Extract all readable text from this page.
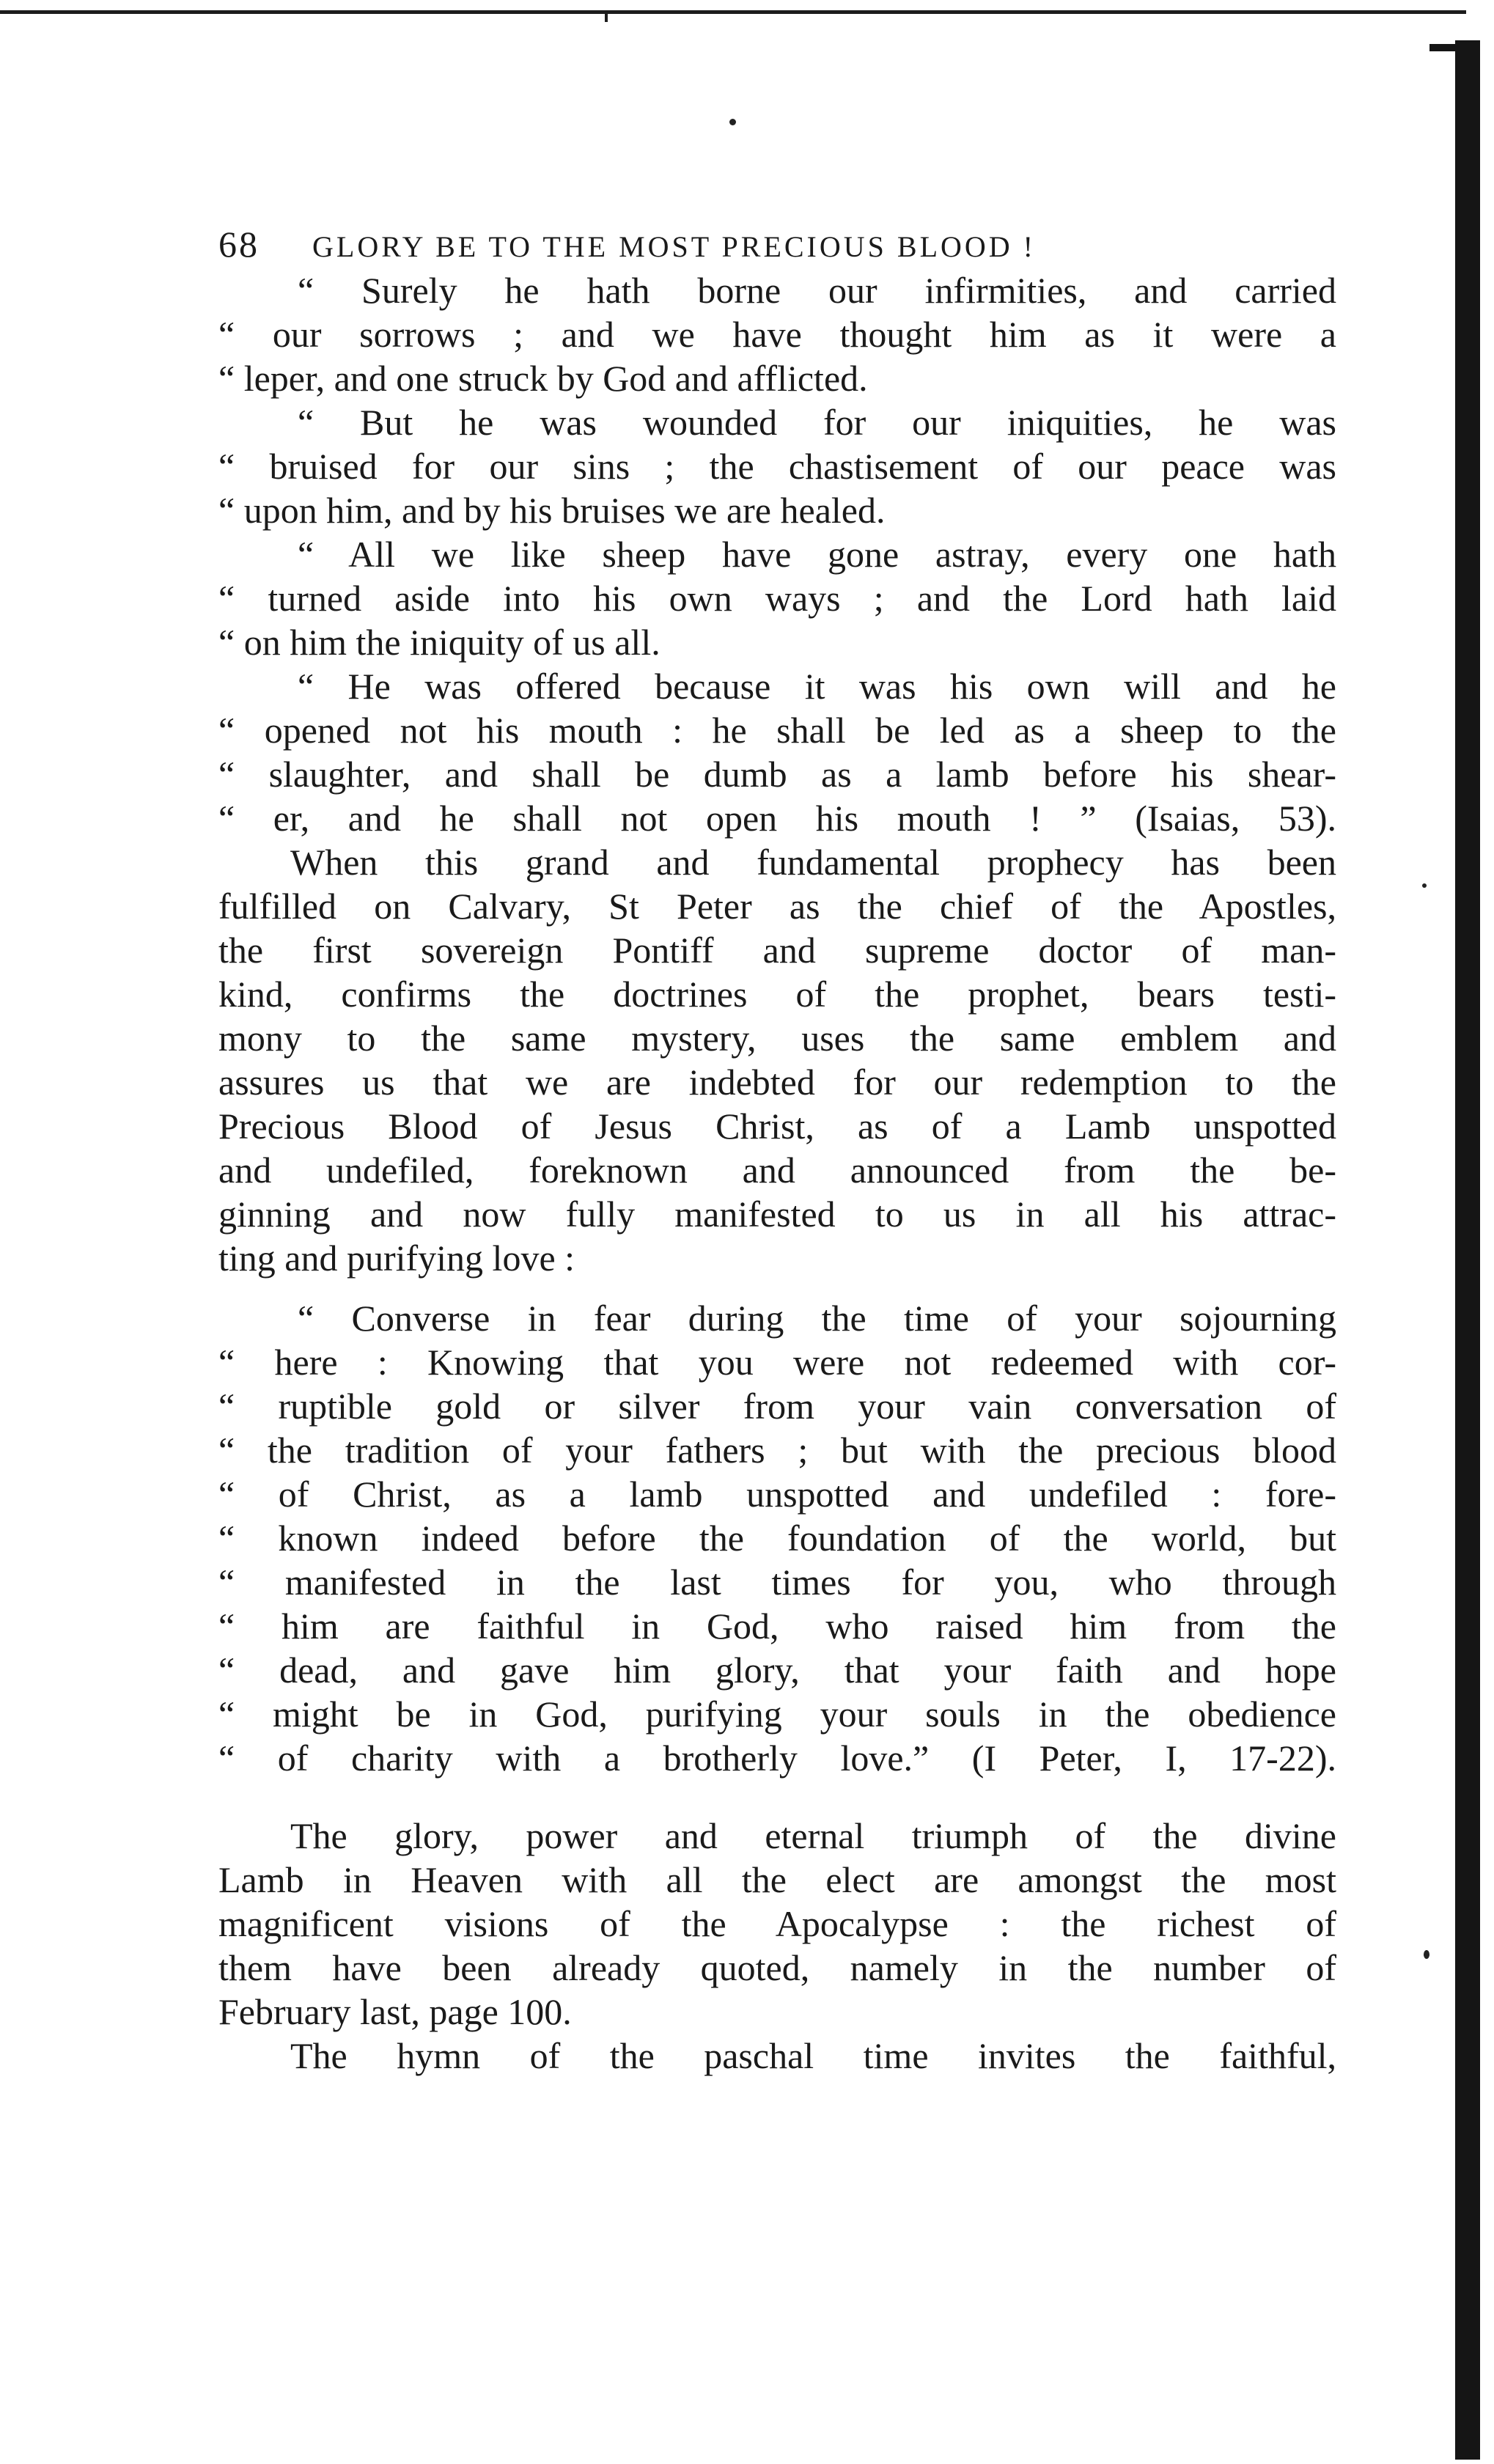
68 GLORY BE TO THE MOST PRECIOUS BLOOD !
“ Surely he hath borne our infirmities, and carried
“ our sorrows ; and we have thought him as it were a
“ leper, and one struck by God and afflicted.
“ But he was wounded for our iniquities, he was
“ bruised for our sins ; the chastisement of our peace was
“ upon him, and by his bruises we are healed.
“ All we like sheep have gone astray, every one hath
“ turned aside into his own ways ; and the Lord hath laid
“ on him the iniquity of us all.
“ He was offered because it was his own will and he
“ opened not his mouth : he shall be led as a sheep to the
“ slaughter, and shall be dumb as a lamb before his shear-
“ er, and he shall not open his mouth ! ” (Isaias, 53).
When this grand and fundamental prophecy has been
fulfilled on Calvary, St Peter as the chief of the Apostles,
the first sovereign Pontiff and supreme doctor of man-
kind, confirms the doctrines of the prophet, bears testi-
mony to the same mystery, uses the same emblem and
assures us that we are indebted for our redemption to the
Precious Blood of Jesus Christ, as of a Lamb unspotted
and undefiled, foreknown and announced from the be-
ginning and now fully manifested to us in all his attrac-
ting and purifying love :
“ Converse in fear during the time of your sojourning
“ here : Knowing that you were not redeemed with cor-
“ ruptible gold or silver from your vain conversation of
“ the tradition of your fathers ; but with the precious blood
“ of Christ, as a lamb unspotted and undefiled : fore-
“ known indeed before the foundation of the world, but
“ manifested in the last times for you, who through
“ him are faithful in God, who raised him from the
“ dead, and gave him glory, that your faith and hope
“ might be in God, purifying your souls in the obedience
“ of charity with a brotherly love.” (I Peter, I, 17-22).
The glory, power and eternal triumph of the divine
Lamb in Heaven with all the elect are amongst the most
magnificent visions of the Apocalypse : the richest of
them have been already quoted, namely in the number of
February last, page 100.
The hymn of the paschal time invites the faithful,
